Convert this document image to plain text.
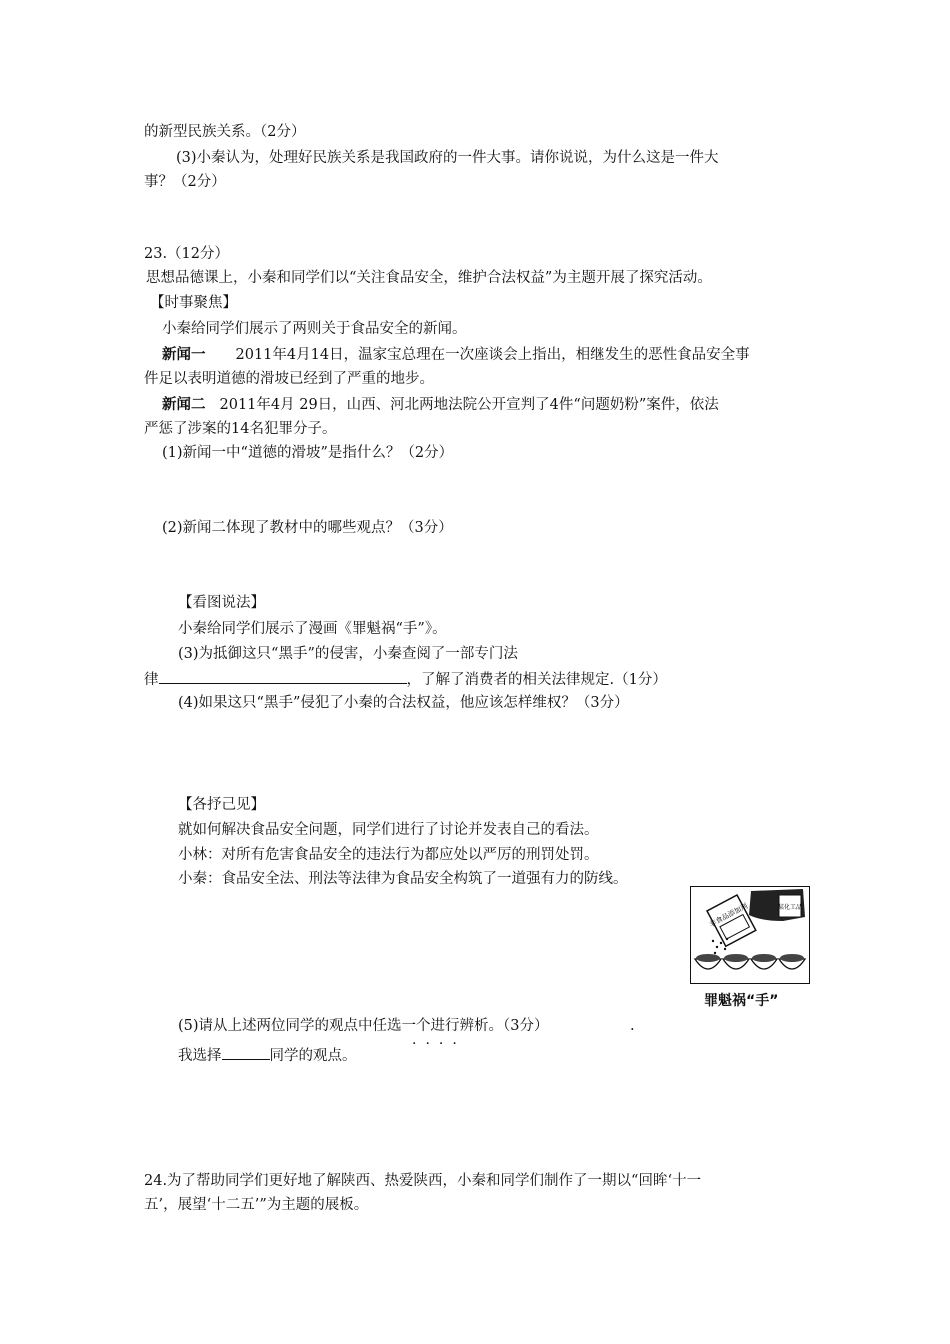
的新型民族关系。（2分）
(3)小秦认为，处理好民族关系是我国政府的一件大事。请你说说，为什么这是一件大
事？（2分）
23.（12分）
思想品德课上，小秦和同学们以“关注食品安全，维护合法权益”为主题开展了探究活动。
【时事聚焦】
小秦给同学们展示了两则关于食品安全的新闻。
新闻一 2011年4月14日，温家宝总理在一次座谈会上指出，相继发生的恶性食品安全事
件足以表明道德的滑坡已经到了严重的地步。
新闻二 2011年4月 29日，山西、河北两地法院公开宣判了4件“问题奶粉”案件，依法
严惩了涉案的14名犯罪分子。
(1)新闻一中“道德的滑坡”是指什么？（2分）
(2)新闻二体现了教材中的哪些观点？（3分）
【看图说法】
小秦给同学们展示了漫画《罪魁祸“手”》。
(3)为抵御这只“黑手”的侵害，小秦查阅了一部专门法
律	，了解了消费者的相关法律规定.（1分）
(4)如果这只“黑手”侵犯了小秦的合法权益，他应该怎样维权？（3分）
【各抒己见】
就如何解决食品安全问题，同学们进行了讨论并发表自己的看法。
小林：对所有危害食品安全的违法行为都应处以严厉的刑罚处罚。
小秦：食品安全法、刑法等法律为食品安全构筑了一道强有力的防线。
非食品添加剂	某化工品
罪魁祸“手”
(5)请从上述两位同学的观点中任选一个进行辨析。（3分）	.
····
我选择	同学的观点。
24.为了帮助同学们更好地了解陕西、热爱陕西，小秦和同学们制作了一期以“回眸‘十一
五’，展望‘十二五’”为主题的展板。
